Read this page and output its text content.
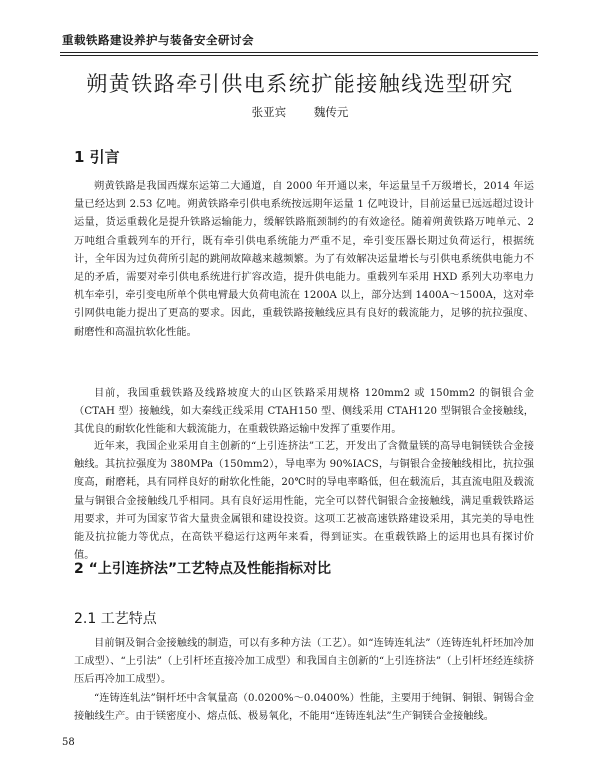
重载铁路建设养护与装备安全研讨会
朔黄铁路牵引供电系统扩能接触线选型研究
张亚宾 魏传元
1 引言
朔黄铁路是我国西煤东运第二大通道，自 2000 年开通以来，年运量呈千万级增长，2014 年运量已经达到 2.53 亿吨。朔黄铁路牵引供电系统按远期年运量 1 亿吨设计，目前运量已远远超过设计运量，货运重载化是提升铁路运输能力，缓解铁路瓶颈制约的有效途径。随着朔黄铁路万吨单元、2 万吨组合重载列车的开行，既有牵引供电系统能力严重不足，牵引变压器长期过负荷运行，根据统计，全年因为过负荷所引起的跳闸故障越来越频繁。为了有效解决运量增长与引供电系统供电能力不足的矛盾，需要对牵引供电系统进行扩容改造，提升供电能力。重载列车采用 HXD 系列大功率电力机车牵引，牵引变电所单个供电臂最大负荷电流在 1200A 以上，部分达到 1400A～1500A，这对牵引网供电能力提出了更高的要求。因此，重载铁路接触线应具有良好的载流能力，足够的抗拉强度、耐磨性和高温抗软化性能。
目前，我国重载铁路及线路坡度大的山区铁路采用规格 120mm2 或 150mm2 的铜银合金（CTAH 型）接触线，如大秦线正线采用 CTAH150 型、侧线采用 CTAH120 型铜银合金接触线，其优良的耐软化性能和大载流能力，在重载铁路运输中发挥了重要作用。
近年来，我国企业采用自主创新的“上引连挤法”工艺，开发出了含微量镁的高导电铜镁铁合金接触线。其抗拉强度为 380MPa（150mm2），导电率为 90%IACS，与铜银合金接触线相比，抗拉强度高，耐磨耗，具有同样良好的耐软化性能，20℃时的导电率略低，但在载流后，其直流电阻及载流量与铜银合金接触线几乎相同。具有良好运用性能，完全可以替代铜银合金接触线，满足重载铁路运用要求，并可为国家节省大量贵金属银和建设投资。这项工艺被高速铁路建设采用，其完美的导电性能及抗拉能力等优点，在高铁平稳运行这两年来看，得到证实。在重载铁路上的运用也具有探讨价值。
2 “上引连挤法”工艺特点及性能指标对比
2.1 工艺特点
目前铜及铜合金接触线的制造，可以有多种方法（工艺）。如“连铸连轧法”（连铸连轧杆坯加冷加工成型）、“上引法”（上引杆坯直接冷加工成型）和我国自主创新的“上引连挤法”（上引杆坯经连续挤压后再冷加工成型）。
“连铸连轧法”铜杆坯中含氧量高（0.0200%～0.0400%）性能，主要用于纯铜、铜银、铜锡合金接触线生产。由于镁密度小、熔点低、极易氧化，不能用“连铸连轧法”生产铜镁合金接触线。
58
